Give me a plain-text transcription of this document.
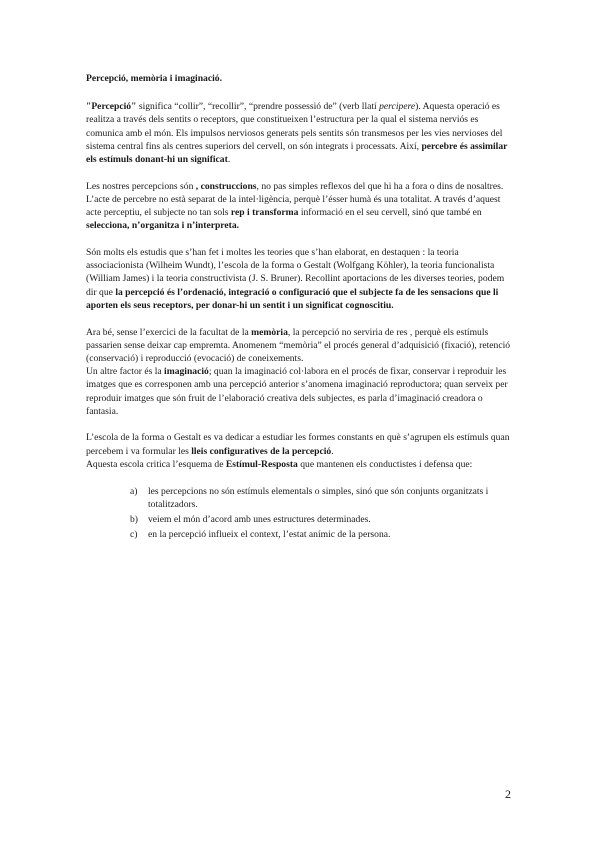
Percepció, memòria i imaginació.

"Percepció" significa “collir”, “recollir”, “prendre possessió de” (verb llatí percipere). Aquesta operació es realitza a través dels sentits o receptors, que constitueixen l’estructura per la qual el sistema nerviós es comunica amb el món. Els impulsos nerviosos generats pels sentits són transmesos per les vies nervioses del sistema central fins als centres superiors del cervell, on són integrats i processats. Així, percebre és assimilar els estímuls donant-hi un significat.

Les nostres percepcions són , construccions, no pas simples reflexos del que hi ha a fora o dins de nosaltres. L’acte de percebre no està separat de la intel·ligència, perquè l’ésser humà és una totalitat. A través d’aquest acte perceptiu, el subjecte no tan sols rep i transforma informació en el seu cervell, sinó que també en selecciona, n’organitza i n’interpreta.

Són molts els estudis que s’han fet i moltes les teories que s’han elaborat, en destaquen : la teoria associacionista (Wilheim Wundt), l’escola de la forma o Gestalt (Wolfgang Köhler), la teoria funcionalista (William James) i la teoria constructivista (J. S. Bruner). Recollint aportacions de les diverses teories, podem dir que la percepció és l’ordenació, integració o configuració que el subjecte fa de les sensacions que li aporten els seus receptors, per donar-hi un sentit i un significat cognoscitiu.

Ara bé, sense l’exercici de la facultat de la memòria, la percepció no serviria de res , perquè els estímuls passarien sense deixar cap empremta. Anomenem “memòria” el procés general d’adquisició (fixació), retenció (conservació) i reproducció (evocació) de coneixements.

Un altre factor és la imaginació; quan la imaginació col·labora en el procés de fixar, conservar i reproduir les imatges que es corresponen amb una percepció anterior s’anomena imaginació reproductora; quan serveix per reproduir imatges que són fruit de l’elaboració creativa dels subjectes, es parla d’imaginació creadora o fantasia.

L’escola de la forma o Gestalt es va dedicar a estudiar les formes constants en què s’agrupen els estímuls quan percebem i va formular les lleis configuratives de la percepció.

Aquesta escola critica l’esquema de Estímul-Resposta que mantenen els conductistes i defensa que:

a) les percepcions no són estímuls elementals o simples, sinó que són conjunts organitzats i totalitzadors.
b) veiem el món d’acord amb unes estructures determinades.
c) en la percepció influeix el context, l’estat anímic de la persona.
2
